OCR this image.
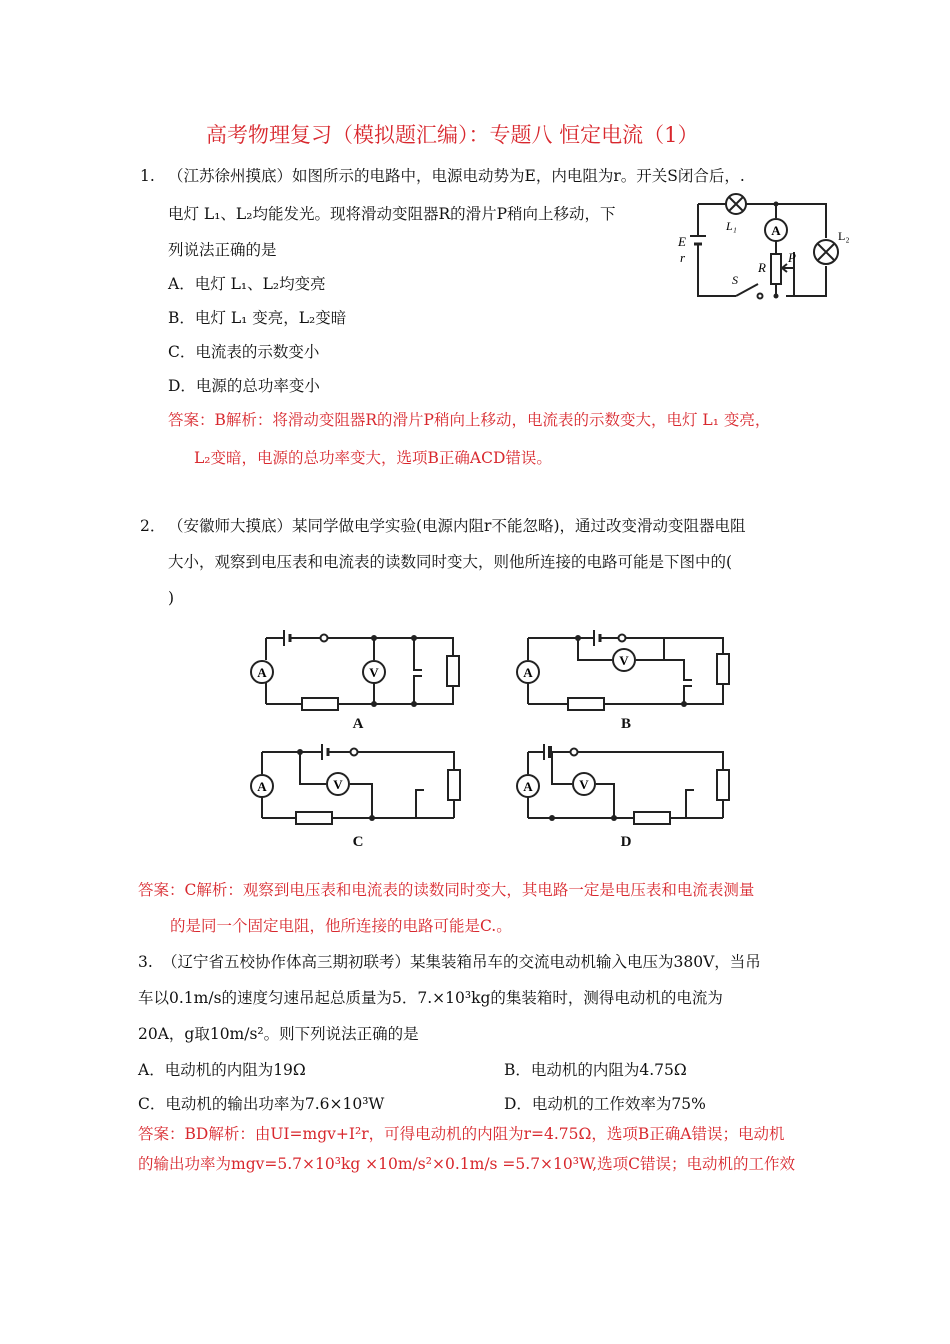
高考物理复习（模拟题汇编）：专题八 恒定电流（1）
1. （江苏徐州摸底）如图所示的电路中，电源电动势为E，内电阻为r。开关S闭合后，.
电灯 L₁、L₂均能发光。现将滑动变阻器R的滑片P稍向上移动，下
列说法正确的是
A．电灯 L₁、L₂均变亮
B．电灯 L₁ 变亮，L₂变暗
C．电流表的示数变小
D．电源的总功率变小
答案：B解析：将滑动变阻器R的滑片P稍向上移动，电流表的示数变大，电灯 L₁ 变亮，
L₂变暗，电源的总功率变大，选项B正确ACD错误。
L₁
L₂
A
E
r
S
R
P
2． （安徽师大摸底）某同学做电学实验(电源内阻r不能忽略)，通过改变滑动变阻器电阻
大小，观察到电压表和电流表的读数同时变大，则他所连接的电路可能是下图中的(
)
A	V
A
A
V
B
A	V
C
A	V
D
答案：C解析：观察到电压表和电流表的读数同时变大，其电路一定是电压表和电流表测量
的是同一个固定电阻，他所连接的电路可能是C.。
3. （辽宁省五校协作体高三期初联考）某集装箱吊车的交流电动机输入电压为380V，当吊
车以0.1m/s的速度匀速吊起总质量为5．7.×10³kg的集装箱时，测得电动机的电流为
20A，g取10m/s²。则下列说法正确的是
A．电动机的内阻为19Ω	B．电动机的内阻为4.75Ω
C．电动机的输出功率为7.6×10³W	D．电动机的工作效率为75%
答案：BD解析：由UI=mgv+I²r，可得电动机的内阻为r=4.75Ω，选项B正确A错误；电动机
的输出功率为mgv=5.7×10³kg ×10m/s²×0.1m/s =5.7×10³W,选项C错误；电动机的工作效
